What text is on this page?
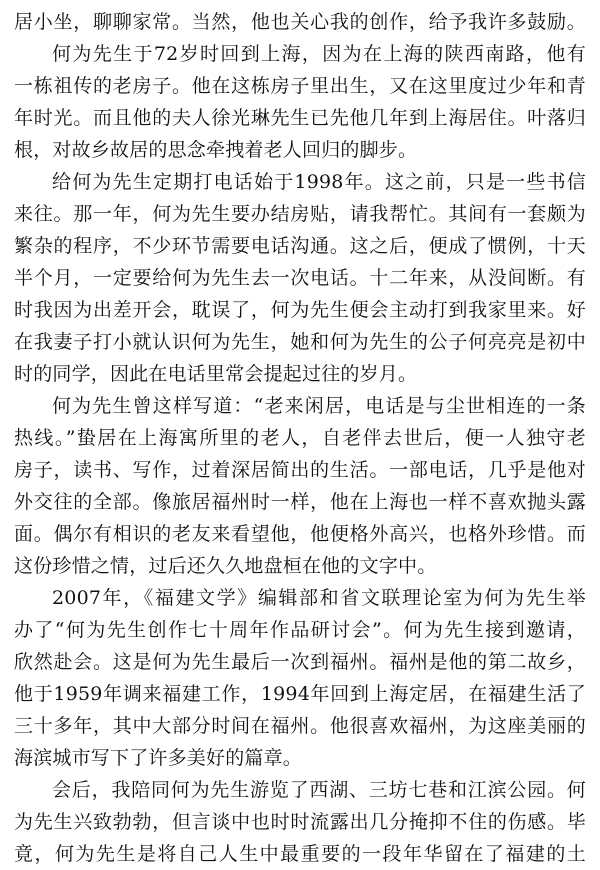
居小坐，聊聊家常。当然，他也关心我的创作，给予我许多鼓励。
何为先生于72岁时回到上海，因为在上海的陕西南路，他有
一栋祖传的老房子。他在这栋房子里出生，又在这里度过少年和青
年时光。而且他的夫人徐光琳先生已先他几年到上海居住。叶落归
根，对故乡故居的思念牵拽着老人回归的脚步。
给何为先生定期打电话始于1998年。这之前，只是一些书信
来往。那一年，何为先生要办结房贴，请我帮忙。其间有一套颇为
繁杂的程序，不少环节需要电话沟通。这之后，便成了惯例，十天
半个月，一定要给何为先生去一次电话。十二年来，从没间断。有
时我因为出差开会，耽误了，何为先生便会主动打到我家里来。好
在我妻子打小就认识何为先生，她和何为先生的公子何亮亮是初中
时的同学，因此在电话里常会提起过往的岁月。
何为先生曾这样写道：“老来闲居，电话是与尘世相连的一条
热线。”蛰居在上海寓所里的老人，自老伴去世后，便一人独守老
房子，读书、写作，过着深居简出的生活。一部电话，几乎是他对
外交往的全部。像旅居福州时一样，他在上海也一样不喜欢抛头露
面。偶尔有相识的老友来看望他，他便格外高兴，也格外珍惜。而
这份珍惜之情，过后还久久地盘桓在他的文字中。
2007年，《福建文学》编辑部和省文联理论室为何为先生举
办了“何为先生创作七十周年作品研讨会”。何为先生接到邀请，
欣然赴会。这是何为先生最后一次到福州。福州是他的第二故乡，
他于1959年调来福建工作，1994年回到上海定居，在福建生活了
三十多年，其中大部分时间在福州。他很喜欢福州，为这座美丽的
海滨城市写下了许多美好的篇章。
会后，我陪同何为先生游览了西湖、三坊七巷和江滨公园。何
为先生兴致勃勃，但言谈中也时时流露出几分掩抑不住的伤感。毕
竟，何为先生是将自己人生中最重要的一段年华留在了福建的土
